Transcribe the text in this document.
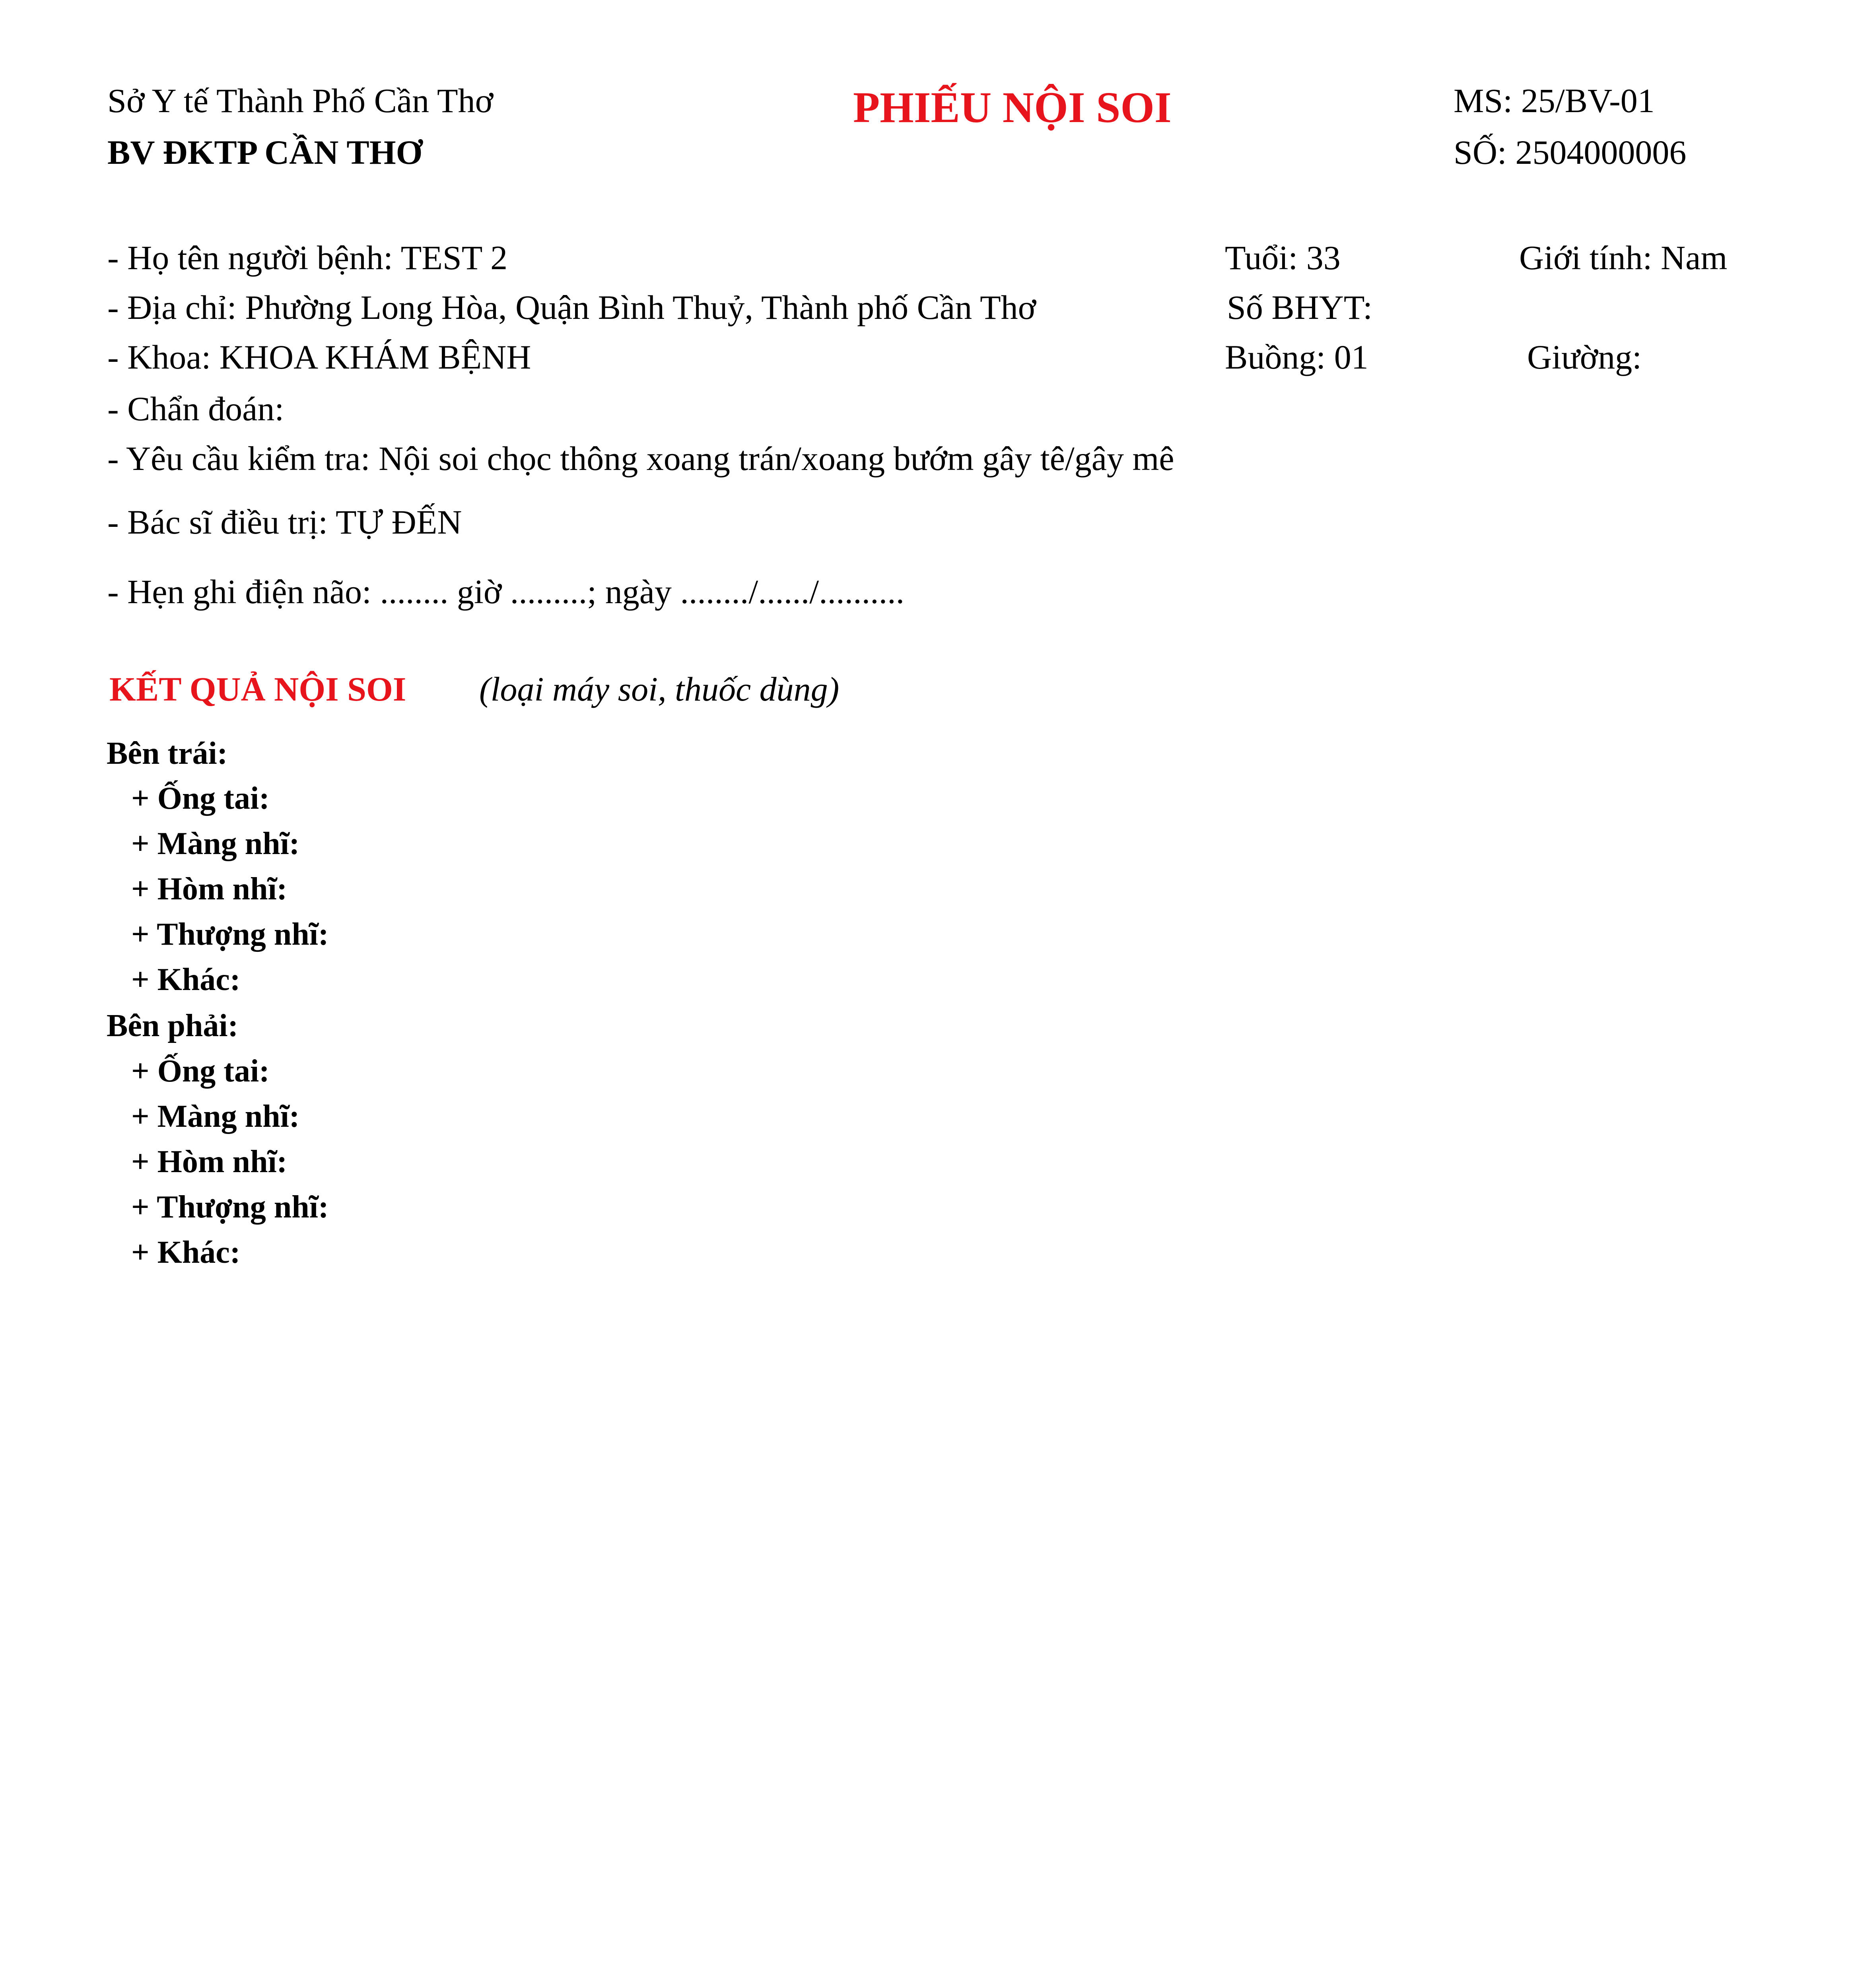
Sở Y tế Thành Phố Cần Thơ
BV ĐKTP CẦN THƠ
PHIẾU NỘI SOI	MS: 25/BV-01
SỐ: 2504000006
- Họ tên người bệnh: TEST 2	Tuổi: 33	Giới tính: Nam
- Địa chỉ: Phường Long Hòa, Quận Bình Thuỷ, Thành phố Cần Thơ	Số BHYT:
- Khoa: KHOA KHÁM BỆNH	Buồng: 01	Giường:
- Chẩn đoán:
- Yêu cầu kiểm tra: Nội soi chọc thông xoang trán/xoang bướm gây tê/gây mê
- Bác sĩ điều trị: TỰ ĐẾN
- Hẹn ghi điện não: ........ giờ .........; ngày ......../....../..........
KẾT QUẢ NỘI SOI (loại máy soi, thuốc dùng)
Bên trái:
+ Ống tai:
+ Màng nhĩ:
+ Hòm nhĩ:
+ Thượng nhĩ:
+ Khác:
Bên phải:
+ Ống tai:
+ Màng nhĩ:
+ Hòm nhĩ:
+ Thượng nhĩ:
+ Khác:
